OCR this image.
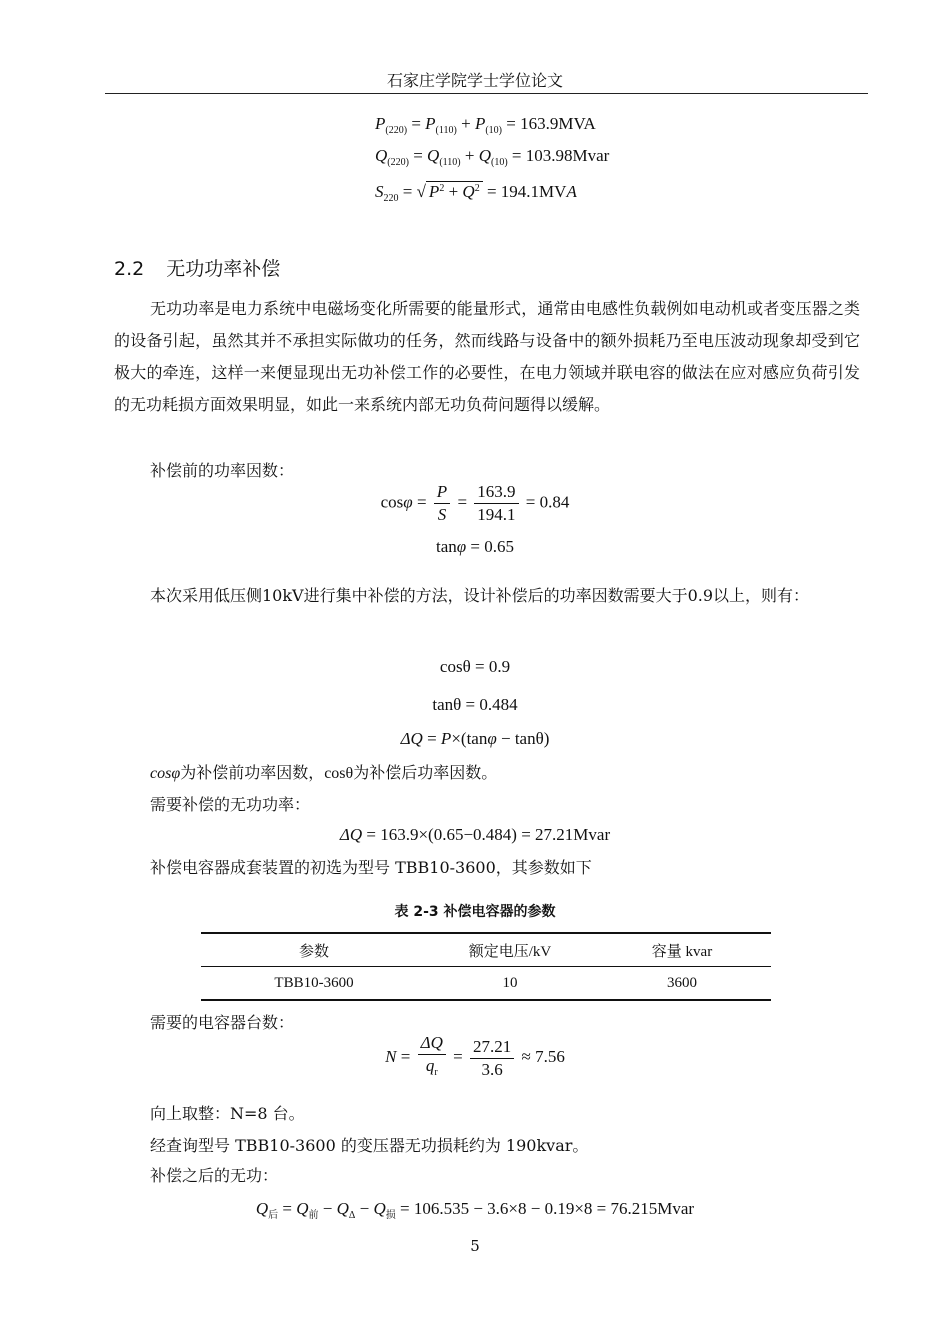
石家庄学院学士学位论文
$P_{(220)} = P_{(110)} + P_{(10)} = 163.9MVA$
$Q_{(220)} = Q_{(110)} + Q_{(10)}$ = 103.98Mvar
$S_{220}$ = √ $P^2 + Q^2 = 194.1MVA$
2.2 无功功率补偿
无功功率是电力系统中电磁场变化所需要的能量形式，通常由电感性负载例如电动机或者变压器之类的设备引起，虽然其并不承担实际做功的任务，然而线路与设备中的额外损耗乃至电压波动现象却受到它极大的牵连，这样一来便显现出无功补偿工作的必要性，在电力领域并联电容的做法在应对感应负荷引发的无功耗损方面效果明显，如此一来系统内部无功负荷问题得以缓解。
补偿前的功率因数：
$\cos\varphi = \frac{P}{S} = \frac{163.9}{194.1} = 0.84$
tanφ = 0.65
本次采用低压侧10kV进行集中补偿的方法，设计补偿后的功率因数需要大于0.9以上，则有：
cosθ = 0.9
tanθ = 0.484
ΔQ = P×(tanφ − tanθ)
cosφ为补偿前功率因数，cosθ为补偿后功率因数。
需要补偿的无功功率：
ΔQ = 163.9×(0.65−0.484) = 27.21Mvar
补偿电容器成套装置的初选为型号 TBB10-3600，其参数如下
表 2-3 补偿电容器的参数
参数	额定电压/kV	容量 kvar
TBB10-3600	10	3600
需要的电容器台数：
$N = \frac{\Delta Q}{q_r} = \frac{27.21}{3.6} \approx 7.56$
向上取整：N=8 台。
经查询型号 TBB10-3600 的变压器无功损耗约为 190kvar。
补偿之后的无功：
$Q_后 = Q_前 - Q_\Delta - Q_损 = 106.535 - 3.6\times 8 - 0.19\times 8$ = 76.215Mvar
5
